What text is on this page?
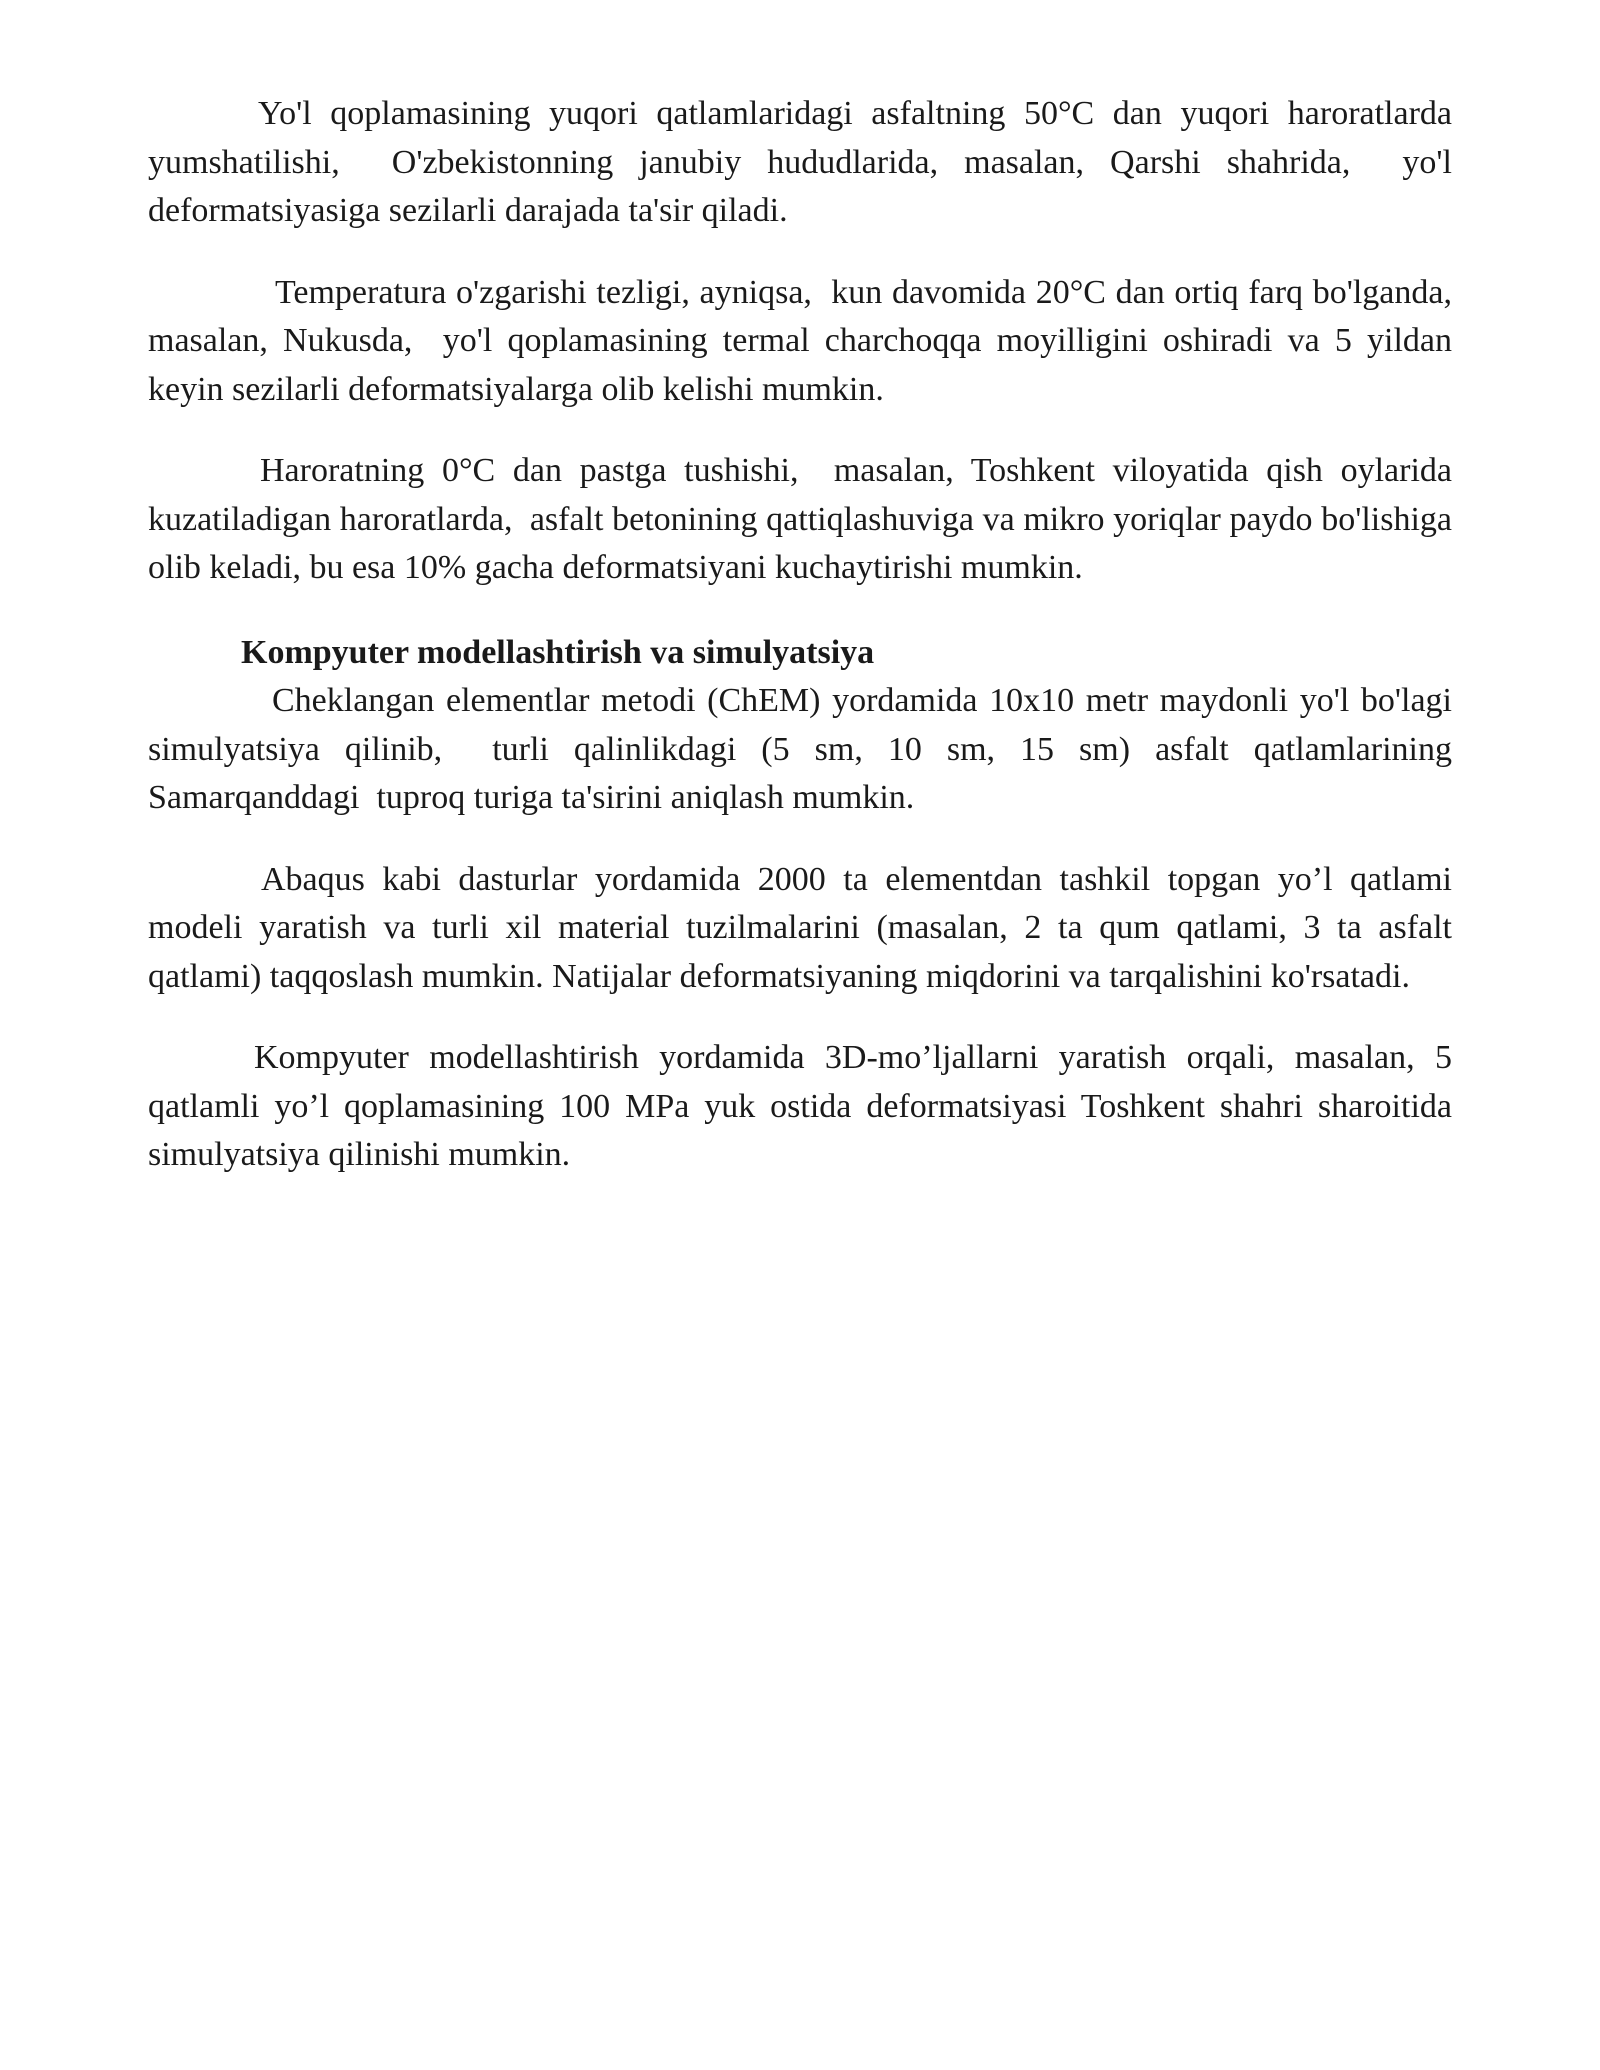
Yo'l qoplamasining yuqori qatlamlaridagi asfaltning 50°C dan yuqori haroratlarda yumshatilishi,  O'zbekistonning janubiy hududlarida, masalan, Qarshi shahrida,  yo'l deformatsiyasiga sezilarli darajada ta'sir qiladi.

Temperatura o'zgarishi tezligi, ayniqsa,  kun davomida 20°C dan ortiq farq bo'lganda,  masalan, Nukusda,  yo'l qoplamasining termal charchoqqa moyilligini oshiradi va 5 yildan keyin sezilarli deformatsiyalarga olib kelishi mumkin.

Haroratning 0°C dan pastga tushishi,  masalan, Toshkent viloyatida qish oylarida kuzatiladigan haroratlarda,  asfalt betonining qattiqlashuviga va mikro yoriqlar paydo bo'lishiga olib keladi, bu esa 10% gacha deformatsiyani kuchaytirishi mumkin.

Kompyuter modellashtirish va simulyatsiya

Cheklangan elementlar metodi (ChEM) yordamida 10x10 metr maydonli yo'l bo'lagi simulyatsiya qilinib,  turli qalinlikdagi (5 sm, 10 sm, 15 sm) asfalt qatlamlarining Samarqanddagi  tuproq turiga ta'sirini aniqlash mumkin.

Abaqus kabi dasturlar yordamida 2000 ta elementdan tashkil topgan yo’l qatlami modeli yaratish va turli xil material tuzilmalarini (masalan, 2 ta qum qatlami, 3 ta asfalt qatlami) taqqoslash mumkin. Natijalar deformatsiyaning miqdorini va tarqalishini ko'rsatadi.

Kompyuter modellashtirish yordamida 3D-mo’ljallarni yaratish orqali, masalan, 5 qatlamli yo’l qoplamasining 100 MPa yuk ostida deformatsiyasi Toshkent shahri sharoitida simulyatsiya qilinishi mumkin.
